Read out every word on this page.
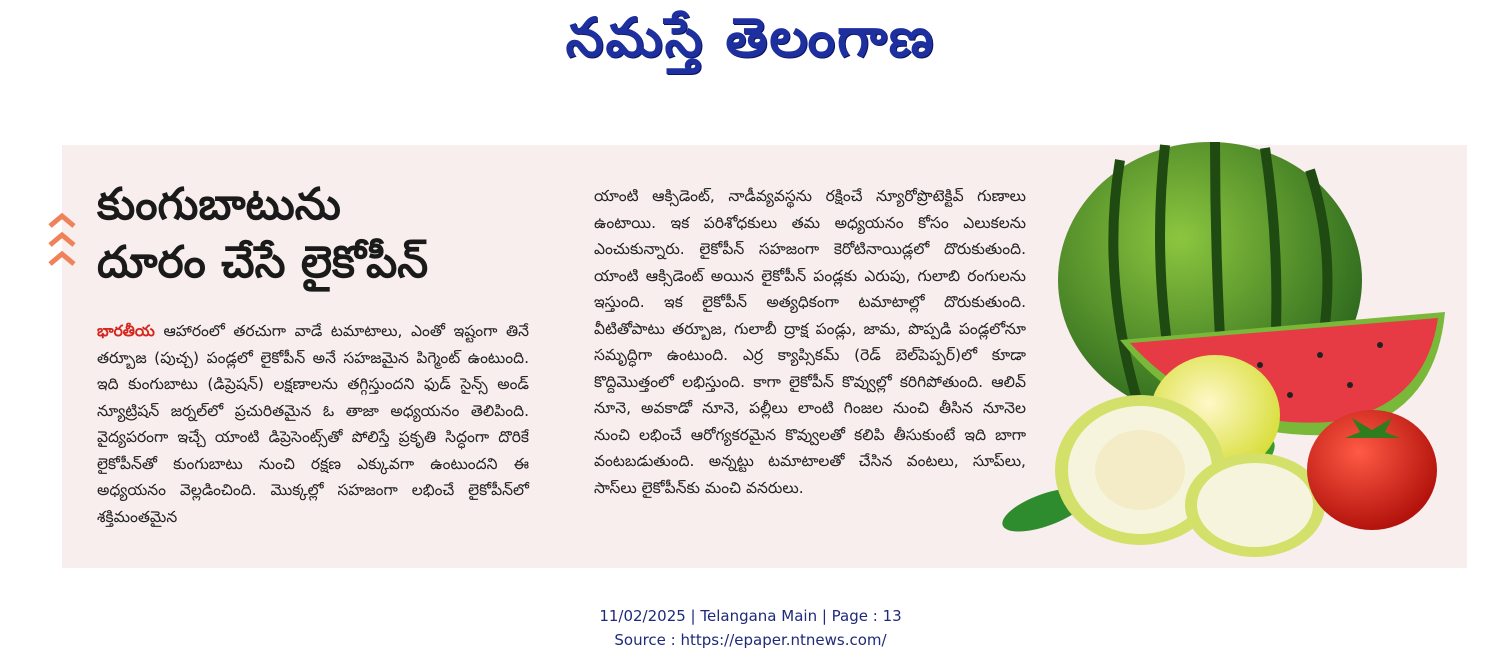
నమస్తే తెలంగాణ
కుంగుబాటును
దూరం చేసే లైకోపీన్
భారతీయ ఆహారంలో తరచుగా వాడే టమాటాలు, ఎంతో ఇష్టంగా తినే తర్బూజ (పుచ్చ) పండ్లలో లైకోపీన్ అనే సహజమైన పిగ్మెంట్ ఉంటుంది. ఇది కుంగుబాటు (డిప్రెషన్) లక్షణాలను తగ్గిస్తుందని ఫుడ్ సైన్స్ అండ్ న్యూట్రిషన్ జర్నల్‌లో ప్రచురితమైన ఓ తాజా అధ్యయనం తెలిపింది. వైద్యపరంగా ఇచ్చే యాంటి డిప్రెసెంట్స్‌తో పోలిస్తే ప్రకృతి సిద్ధంగా దొరికే లైకోపీన్‌తో కుంగుబాటు నుంచి రక్షణ ఎక్కువగా ఉంటుందని ఈ అధ్యయనం వెల్లడించింది. మొక్కల్లో సహజంగా లభించే లైకోపీన్‌లో శక్తిమంతమైన
యాంటి ఆక్సిడెంట్, నాడీవ్యవస్థను రక్షించే న్యూరోప్రొటెక్టివ్ గుణాలు ఉంటాయి. ఇక పరిశోధకులు తమ అధ్యయనం కోసం ఎలుకలను ఎంచుకున్నారు. లైకోపీన్ సహజంగా కెరోటినాయిడ్లలో దొరుకుతుంది. యాంటి ఆక్సిడెంట్ అయిన లైకోపీన్ పండ్లకు ఎరుపు, గులాబి రంగులను ఇస్తుంది. ఇక లైకోపీన్ అత్యధికంగా టమాటాల్లో దొరుకుతుంది. వీటితోపాటు తర్బూజ, గులాబీ ద్రాక్ష పండ్లు, జామ, పొప్పడి పండ్లలోనూ సమృద్ధిగా ఉంటుంది. ఎర్ర క్యాప్సికమ్ (రెడ్ బెల్‌పెప్పర్)లో కూడా కొద్దిమొత్తంలో లభిస్తుంది. కాగా లైకోపీన్ కొవ్వుల్లో కరిగిపోతుంది. ఆలివ్ నూనె, అవకాడో నూనె, పల్లీలు లాంటి గింజల నుంచి తీసిన నూనెల నుంచి లభించే ఆరోగ్యకరమైన కొవ్వులతో కలిపి తీసుకుంటే ఇది బాగా వంటబడుతుంది. అన్నట్టు టమాటాలతో చేసిన వంటలు, సూప్‌లు, సాస్‌లు లైకోపీన్‌కు మంచి వనరులు.
11/02/2025 | Telangana Main | Page : 13
Source : https://epaper.ntnews.com/
